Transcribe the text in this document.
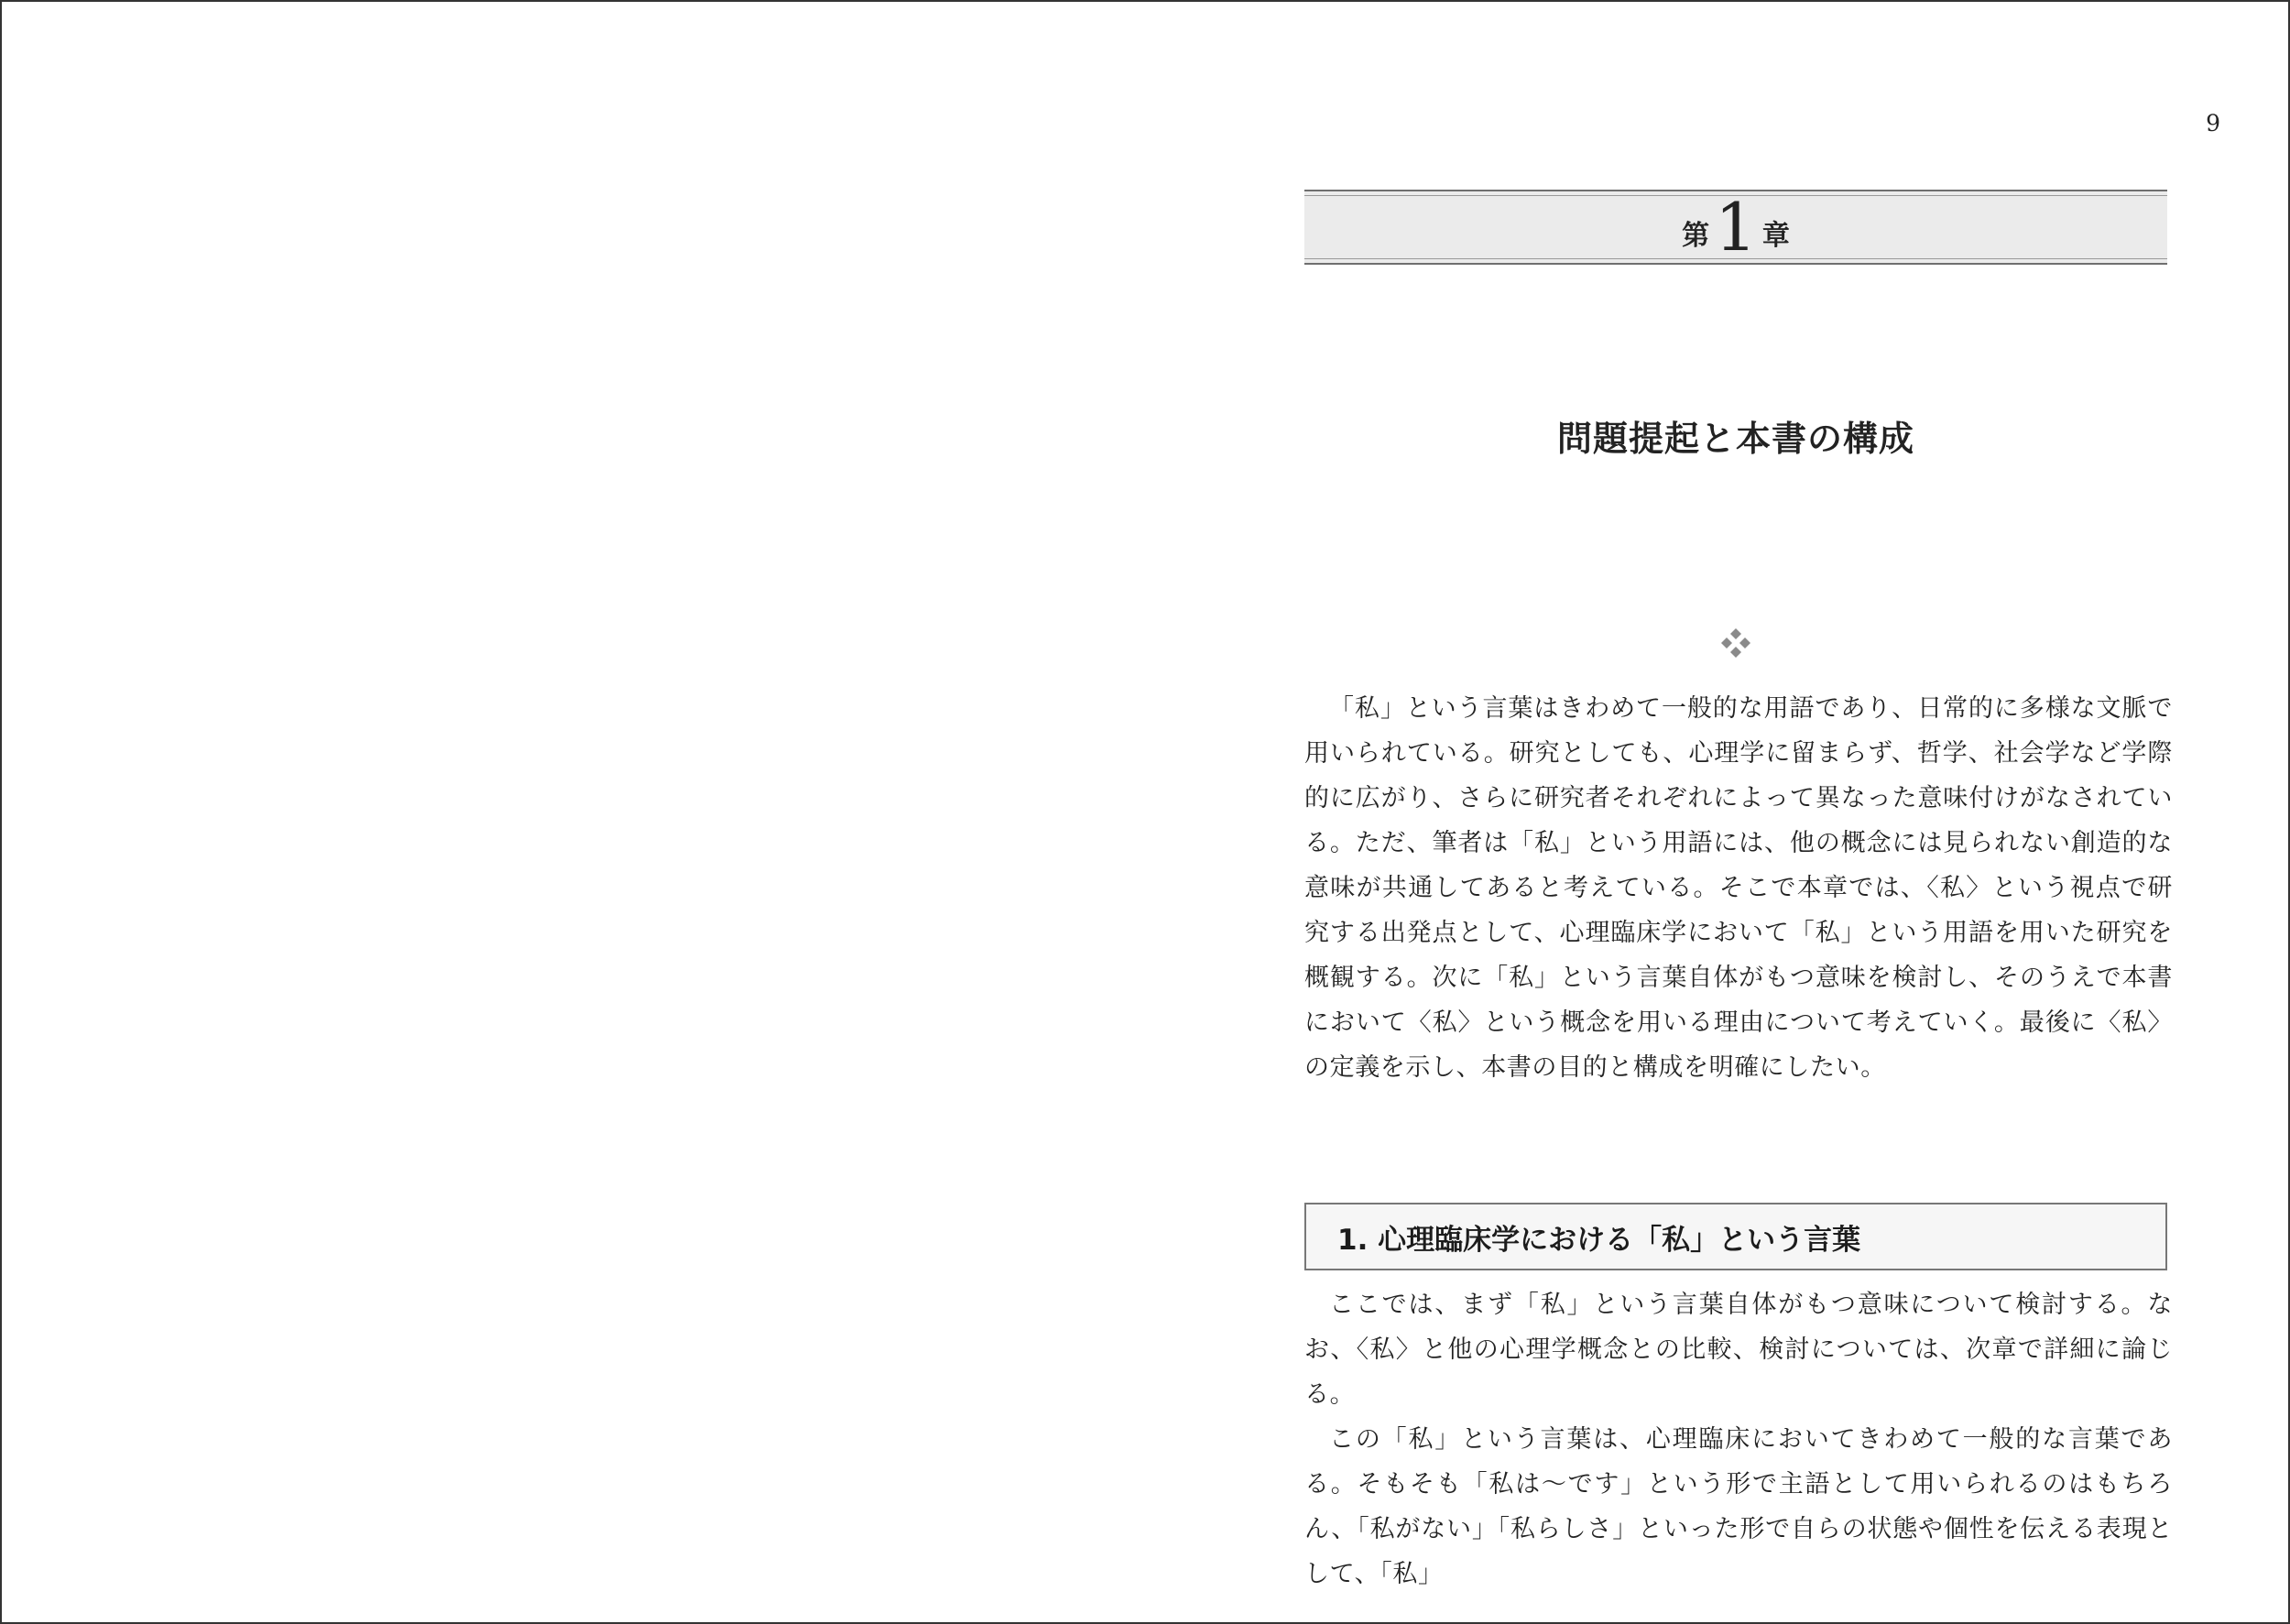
9
第 1 章
問題提起と本書の構成

「私」という言葉はきわめて一般的な用語であり、日常的に多様な文脈で用いられている。研究としても、心理学に留まらず、哲学、社会学など学際的に広がり、さらに研究者それぞれによって異なった意味付けがなされている。ただ、筆者は「私」という用語には、他の概念には見られない創造的な意味が共通してあると考えている。そこで本章では、〈私〉という視点で研究する出発点として、心理臨床学において「私」という用語を用いた研究を概観する。次に「私」という言葉自体がもつ意味を検討し、そのうえで本書において〈私〉という概念を用いる理由について考えていく。最後に〈私〉の定義を示し、本書の目的と構成を明確にしたい。

1. 心理臨床学における「私」という言葉

ここでは、まず「私」という言葉自体がもつ意味について検討する。なお、〈私〉と他の心理学概念との比較、検討については、次章で詳細に論じる。

この「私」という言葉は、心理臨床においてきわめて一般的な言葉である。そもそも「私は〜です」という形で主語として用いられるのはもちろん、「私がない」「私らしさ」といった形で自らの状態や個性を伝える表現として、「私」
